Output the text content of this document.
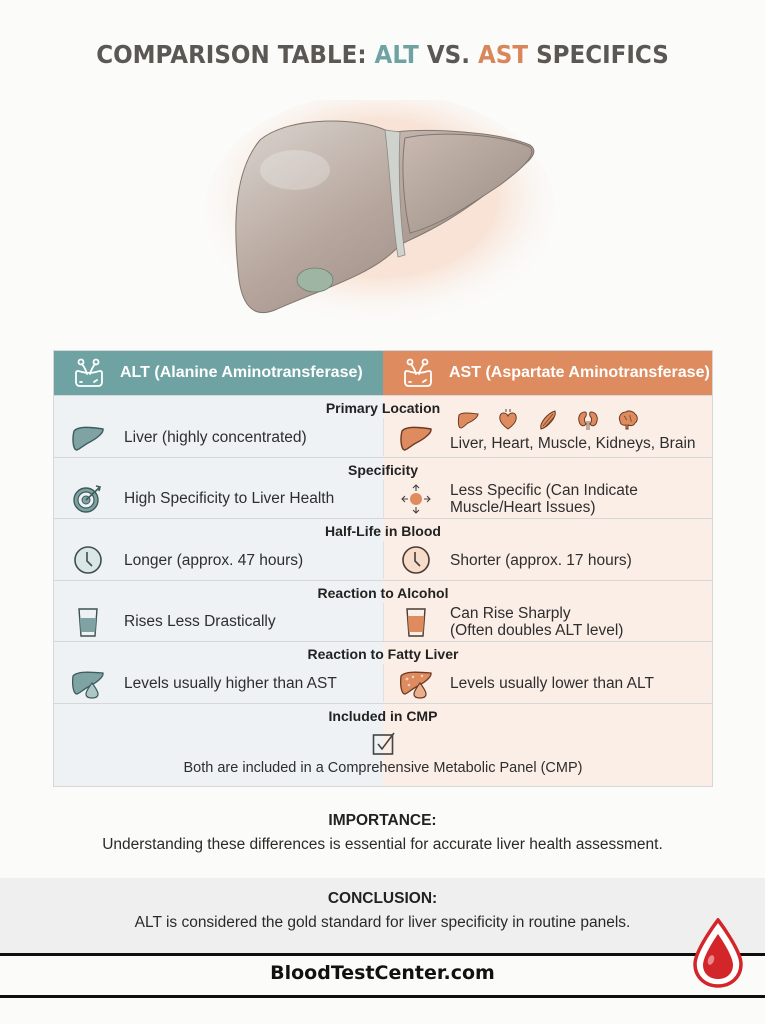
COMPARISON TABLE: ALT VS. AST SPECIFICS
ALT (Alanine Aminotransferase)	AST (Aspartate Aminotransferase)
Primary Location
Liver (highly concentrated)	Liver, Heart, Muscle, Kidneys, Brain
Specificity
High Specificity to Liver Health	Less Specific (Can Indicate
Muscle/Heart Issues)
Half-Life in Blood
Longer (approx. 47 hours)	Shorter (approx. 17 hours)
Reaction to Alcohol
Rises Less Drastically	Can Rise Sharply
(Often doubles ALT level)
Reaction to Fatty Liver
Levels usually higher than AST	Levels usually lower than ALT
Included in CMP
Both are included in a Comprehensive Metabolic Panel (CMP)
IMPORTANCE:
Understanding these differences is essential for accurate liver health assessment.
CONCLUSION:
ALT is considered the gold standard for liver specificity in routine panels.
BloodTestCenter.com
